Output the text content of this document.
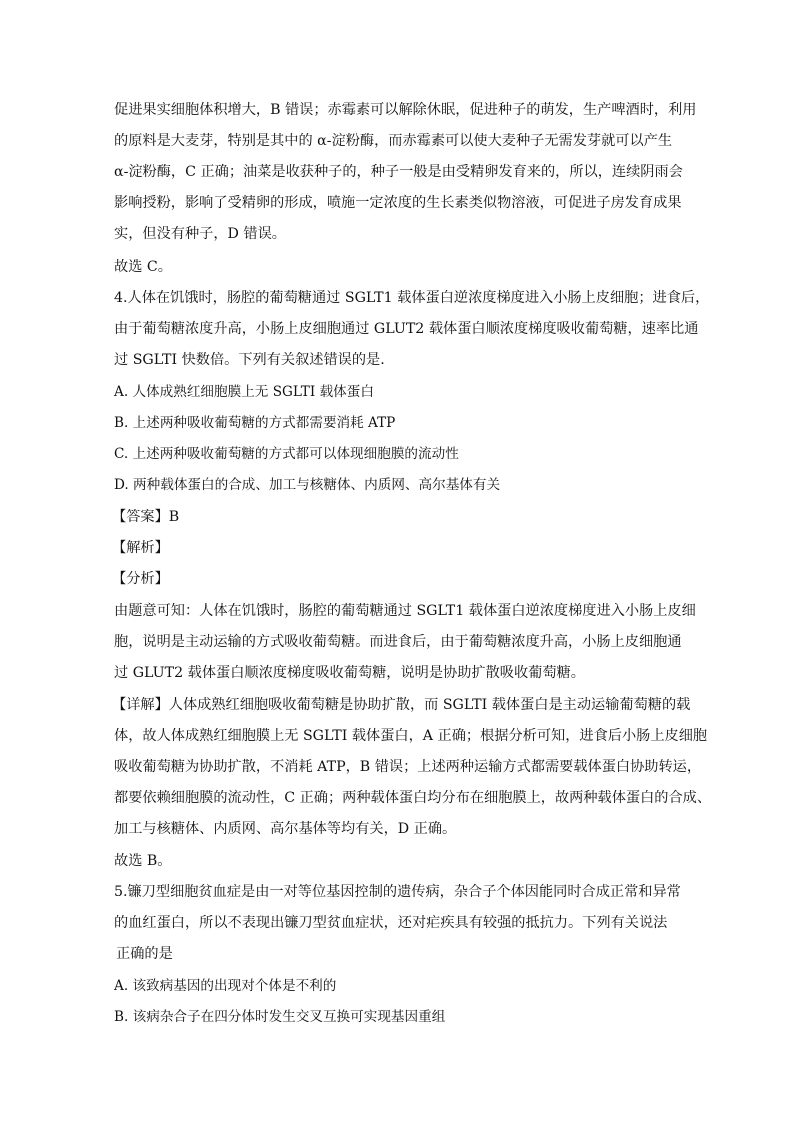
促进果实细胞体积增大，B 错误；赤霉素可以解除休眠，促进种子的萌发，生产啤酒时，利用
的原料是大麦芽，特别是其中的 α-淀粉酶，而赤霉素可以使大麦种子无需发芽就可以产生
α-淀粉酶，C 正确；油菜是收获种子的，种子一般是由受精卵发育来的，所以，连续阴雨会
影响授粉，影响了受精卵的形成，喷施一定浓度的生长素类似物溶液，可促进子房发育成果
实，但没有种子，D 错误。
故选 C。
4.人体在饥饿时，肠腔的葡萄糖通过 SGLT1 载体蛋白逆浓度梯度进入小肠上皮细胞；进食后，
由于葡萄糖浓度升高，小肠上皮细胞通过 GLUT2 载体蛋白顺浓度梯度吸收葡萄糖，速率比通
过 SGLTI 快数倍。下列有关叙述错误的是.
A. 人体成熟红细胞膜上无 SGLTI 载体蛋白
B. 上述两种吸收葡萄糖的方式都需要消耗 ATP
C. 上述两种吸收葡萄糖的方式都可以体现细胞膜的流动性
D. 两种载体蛋白的合成、加工与核糖体、内质网、高尔基体有关
【答案】B
【解析】
【分析】
由题意可知：人体在饥饿时，肠腔的葡萄糖通过 SGLT1 载体蛋白逆浓度梯度进入小肠上皮细
胞，说明是主动运输的方式吸收葡萄糖。而进食后，由于葡萄糖浓度升高，小肠上皮细胞通
过 GLUT2 载体蛋白顺浓度梯度吸收葡萄糖，说明是协助扩散吸收葡萄糖。
【详解】人体成熟红细胞吸收葡萄糖是协助扩散，而 SGLTI 载体蛋白是主动运输葡萄糖的载
体，故人体成熟红细胞膜上无 SGLTI 载体蛋白，A 正确；根据分析可知，进食后小肠上皮细胞
吸收葡萄糖为协助扩散，不消耗 ATP，B 错误；上述两种运输方式都需要载体蛋白协助转运，
都要依赖细胞膜的流动性，C 正确；两种载体蛋白均分布在细胞膜上，故两种载体蛋白的合成、
加工与核糖体、内质网、高尔基体等均有关，D 正确。
故选 B。
5.镰刀型细胞贫血症是由一对等位基因控制的遗传病，杂合子个体因能同时合成正常和异常
的血红蛋白，所以不表现出镰刀型贫血症状，还对疟疾具有较强的抵抗力。下列有关说法
正确的是
A. 该致病基因的出现对个体是不利的
B. 该病杂合子在四分体时发生交叉互换可实现基因重组
